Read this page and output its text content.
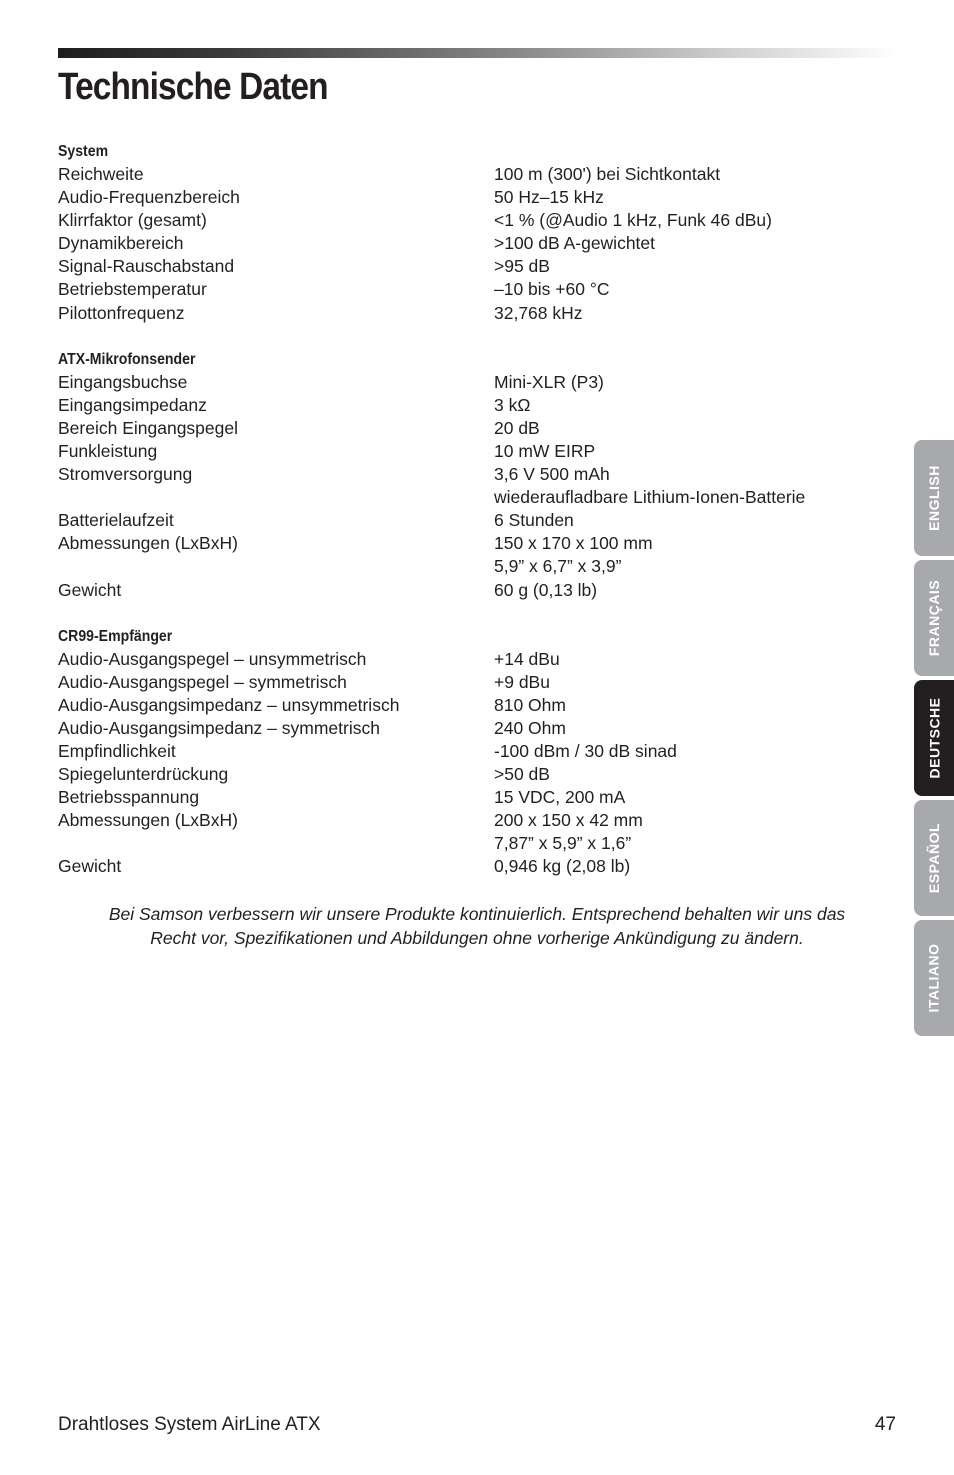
Technische Daten
System
Reichweite	100 m (300') bei Sichtkontakt
Audio-Frequenzbereich	50 Hz–15 kHz
Klirrfaktor (gesamt)	<1 % (@Audio 1 kHz, Funk 46 dBu)
Dynamikbereich	>100 dB A-gewichtet
Signal-Rauschabstand	>95 dB
Betriebstemperatur	–10 bis +60 °C
Pilottonfrequenz	32,768 kHz
ATX-Mikrofonsender
Eingangsbuchse	Mini-XLR (P3)
Eingangsimpedanz	3 kΩ
Bereich Eingangspegel	20 dB
Funkleistung	10 mW EIRP
Stromversorgung	3,6 V 500 mAh
wiederaufladbare Lithium-Ionen-Batterie
Batterielaufzeit	6 Stunden
Abmessungen (LxBxH)	150 x 170 x 100 mm
5,9” x 6,7” x 3,9”
Gewicht	60 g (0,13 lb)
CR99-Empfänger
Audio-Ausgangspegel – unsymmetrisch	+14 dBu
Audio-Ausgangspegel – symmetrisch	+9 dBu
Audio-Ausgangsimpedanz – unsymmetrisch	810 Ohm
Audio-Ausgangsimpedanz – symmetrisch	240 Ohm
Empfindlichkeit	-100 dBm / 30 dB sinad
Spiegelunterdrückung	>50 dB
Betriebsspannung	15 VDC, 200 mA
Abmessungen (LxBxH)	200 x 150 x 42 mm
7,87” x 5,9” x 1,6”
Gewicht	0,946 kg (2,08 lb)
Bei Samson verbessern wir unsere Produkte kontinuierlich. Entsprechend behalten wir uns das
Recht vor, Spezifikationen und Abbildungen ohne vorherige Ankündigung zu ändern.
ENGLISH
FRANÇAIS
DEUTSCHE
ESPAÑOL
ITALIANO
Drahtloses System AirLine ATX	47
